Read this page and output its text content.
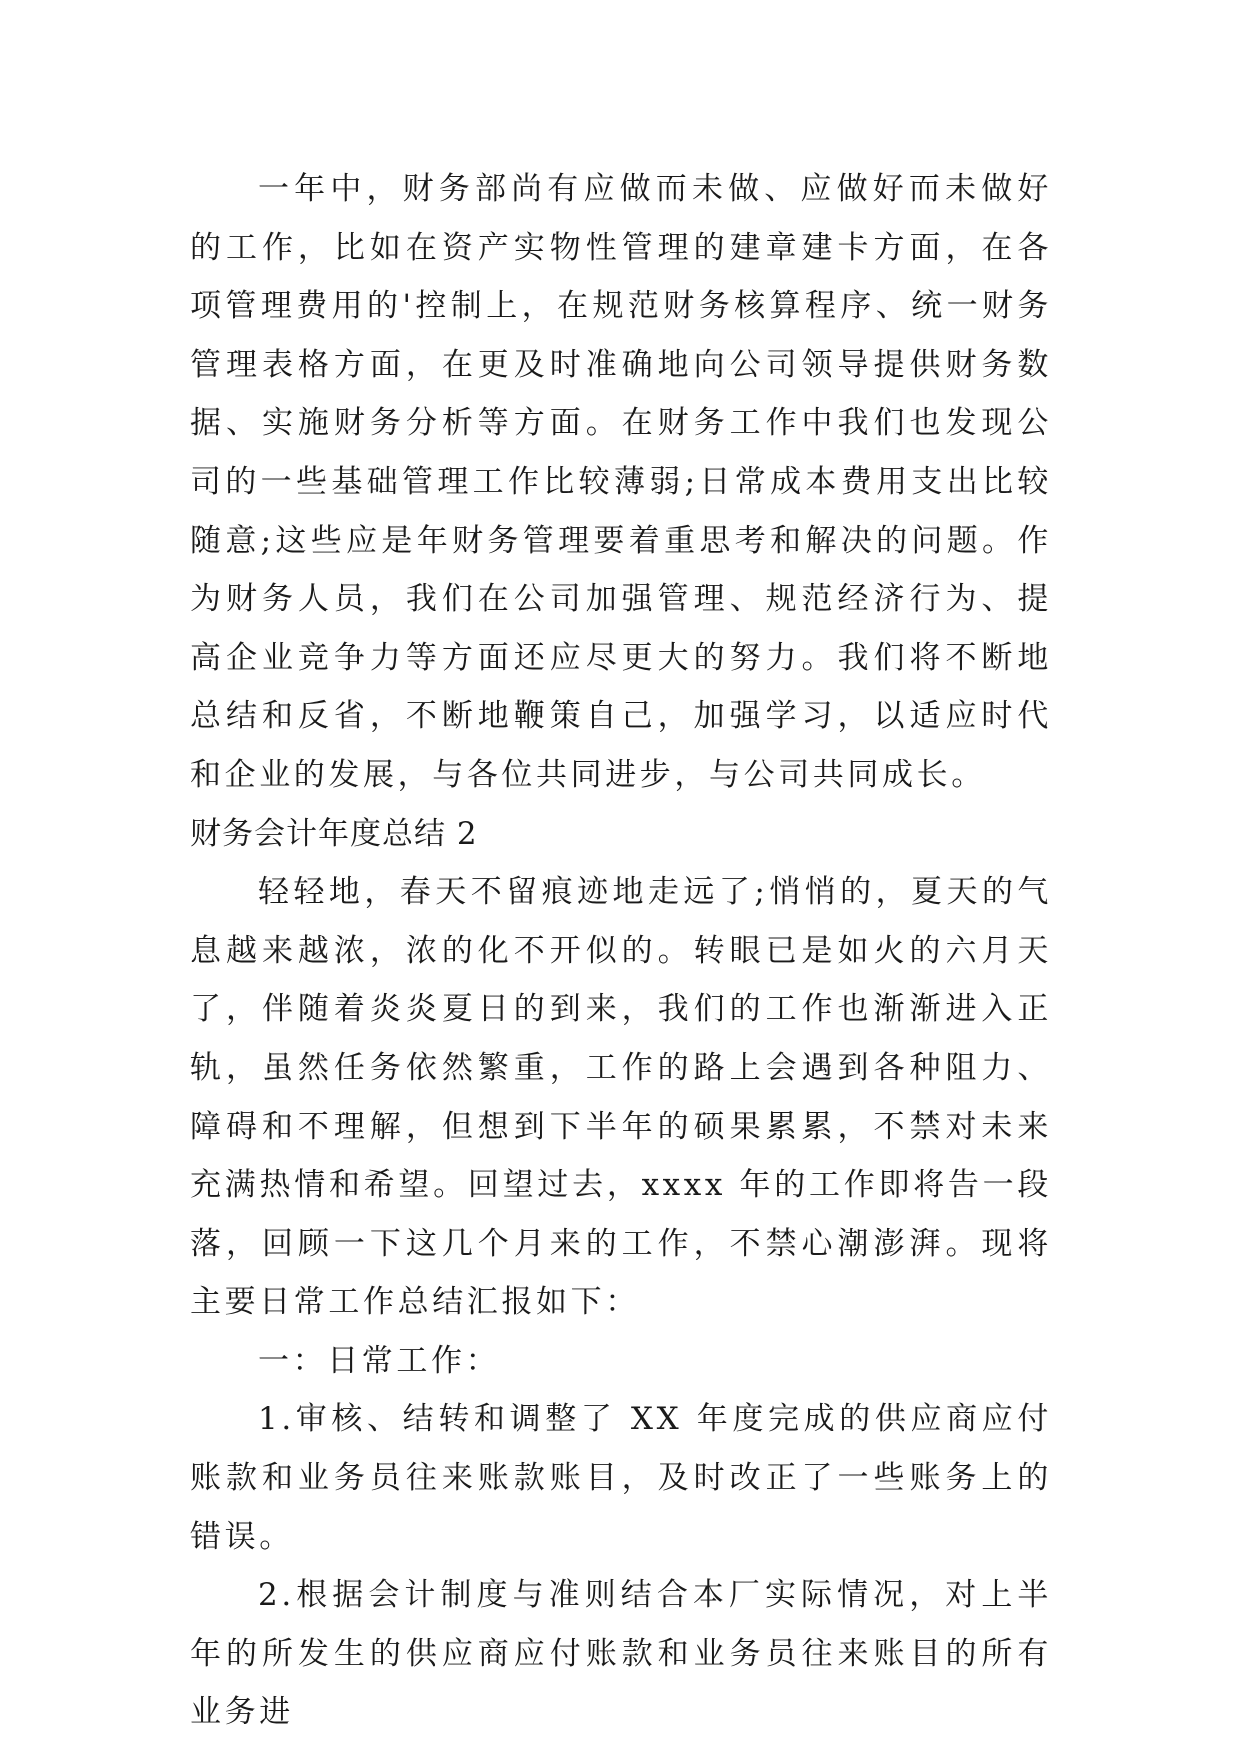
一年中，财务部尚有应做而未做、应做好而未做好的工作，比如在资产实物性管理的建章建卡方面，在各项管理费用的'控制上，在规范财务核算程序、统一财务管理表格方面，在更及时准确地向公司领导提供财务数据、实施财务分析等方面。在财务工作中我们也发现公司的一些基础管理工作比较薄弱;日常成本费用支出比较随意;这些应是年财务管理要着重思考和解决的问题。作为财务人员，我们在公司加强管理、规范经济行为、提高企业竞争力等方面还应尽更大的努力。我们将不断地总结和反省，不断地鞭策自己，加强学习，以适应时代和企业的发展，与各位共同进步，与公司共同成长。

财务会计年度总结 2

轻轻地，春天不留痕迹地走远了;悄悄的，夏天的气息越来越浓，浓的化不开似的。转眼已是如火的六月天了，伴随着炎炎夏日的到来，我们的工作也渐渐进入正轨，虽然任务依然繁重，工作的路上会遇到各种阻力、障碍和不理解，但想到下半年的硕果累累，不禁对未来充满热情和希望。回望过去，xxxx 年的工作即将告一段落，回顾一下这几个月来的工作，不禁心潮澎湃。现将主要日常工作总结汇报如下：

一：日常工作：

1.审核、结转和调整了 XX 年度完成的供应商应付账款和业务员往来账款账目，及时改正了一些账务上的错误。

2.根据会计制度与准则结合本厂实际情况，对上半年的所发生的供应商应付账款和业务员往来账目的所有业务进
